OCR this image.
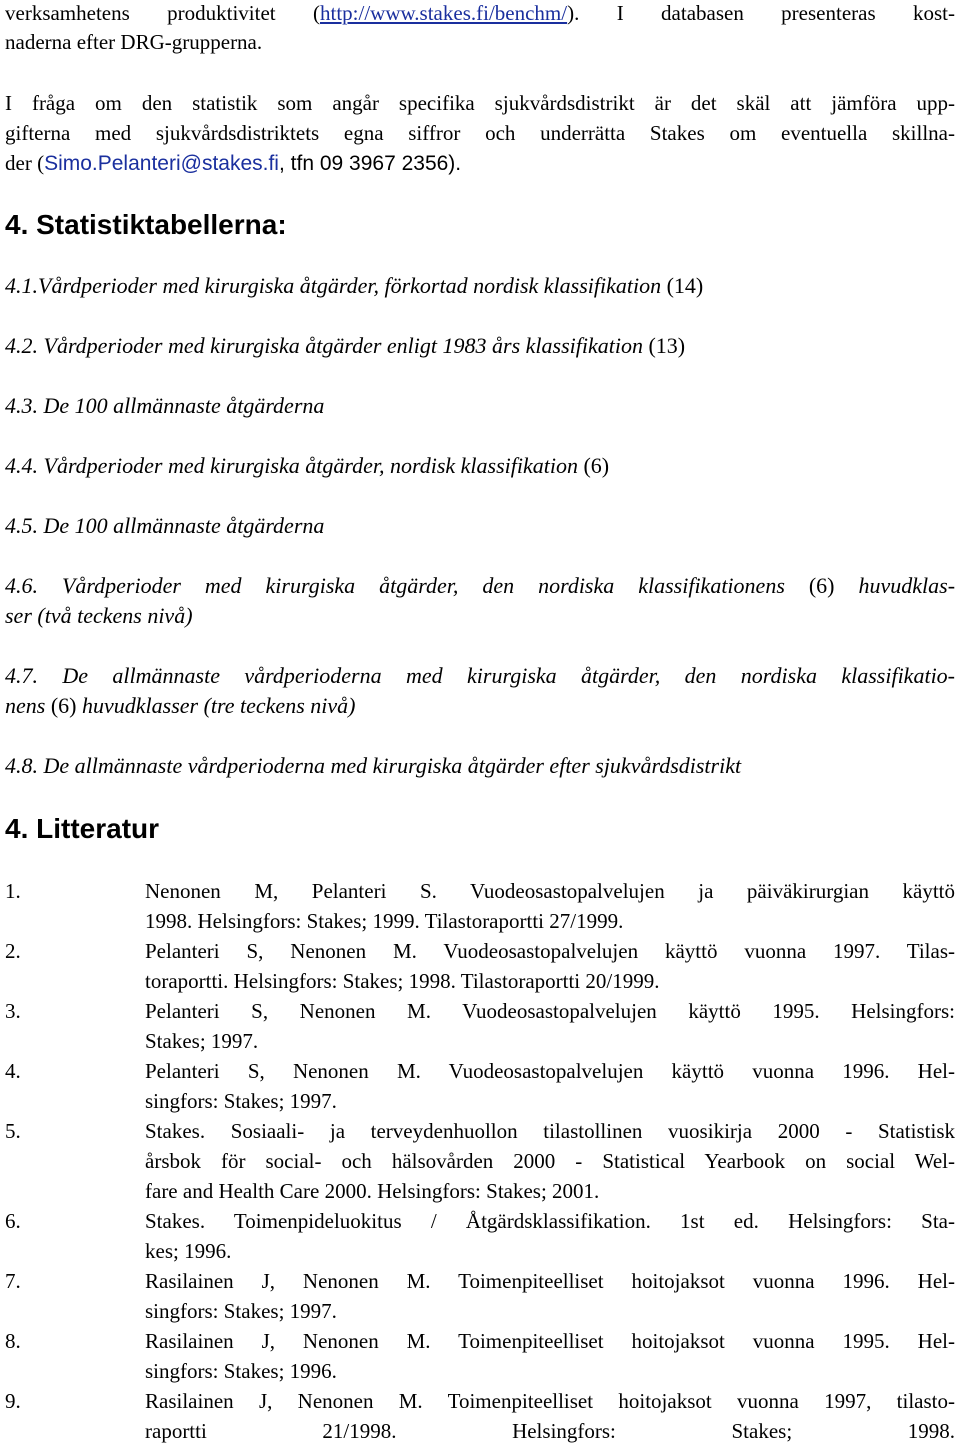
verksamhetens produktivitet (http://www.stakes.fi/benchm/). I databasen presenteras kost-
naderna efter DRG-grupperna.
I fråga om den statistik som angår specifika sjukvårdsdistrikt är det skäl att jämföra upp-
gifterna med sjukvårdsdistriktets egna siffror och underrätta Stakes om eventuella skillna-
der (Simo.Pelanteri@stakes.fi, tfn 09 3967 2356).
4. Statistiktabellerna:
4.1.Vårdperioder med kirurgiska åtgärder, förkortad nordisk klassifikation (14)
4.2. Vårdperioder med kirurgiska åtgärder enligt 1983 års klassifikation (13)
4.3. De 100 allmännaste åtgärderna
4.4. Vårdperioder med kirurgiska åtgärder, nordisk klassifikation (6)
4.5. De 100 allmännaste åtgärderna
4.6. Vårdperioder med kirurgiska åtgärder, den nordiska klassifikationens (6) huvudklas-
ser (två teckens nivå)
4.7. De allmännaste vårdperioderna med kirurgiska åtgärder, den nordiska klassifikatio-
nens (6) huvudklasser (tre teckens nivå)
4.8. De allmännaste vårdperioderna med kirurgiska åtgärder efter sjukvårdsdistrikt
4. Litteratur
1.	Nenonen M, Pelanteri S. Vuodeosastopalvelujen ja päiväkirurgian käyttö
1998. Helsingfors: Stakes; 1999. Tilastoraportti 27/1999.
2.	Pelanteri S, Nenonen M. Vuodeosastopalvelujen käyttö vuonna 1997. Tilas-
toraportti. Helsingfors: Stakes; 1998. Tilastoraportti 20/1999.
3.	Pelanteri S, Nenonen M. Vuodeosastopalvelujen käyttö 1995. Helsingfors:
Stakes; 1997.
4.	Pelanteri S, Nenonen M. Vuodeosastopalvelujen käyttö vuonna 1996. Hel-
singfors: Stakes; 1997.
5.	Stakes. Sosiaali- ja terveydenhuollon tilastollinen vuosikirja 2000 - Statistisk
årsbok för social- och hälsovården 2000 - Statistical Yearbook on social Wel-
fare and Health Care 2000. Helsingfors: Stakes; 2001.
6.	Stakes. Toimenpideluokitus / Åtgärdsklassifikation. 1st ed. Helsingfors: Sta-
kes; 1996.
7.	Rasilainen J, Nenonen M. Toimenpiteelliset hoitojaksot vuonna 1996. Hel-
singfors: Stakes; 1997.
8.	Rasilainen J, Nenonen M. Toimenpiteelliset hoitojaksot vuonna 1995. Hel-
singfors: Stakes; 1996.
9.	Rasilainen J, Nenonen M. Toimenpiteelliset hoitojaksot vuonna 1997, tilasto-
raportti 21/1998. Helsingfors: Stakes; 1998.
